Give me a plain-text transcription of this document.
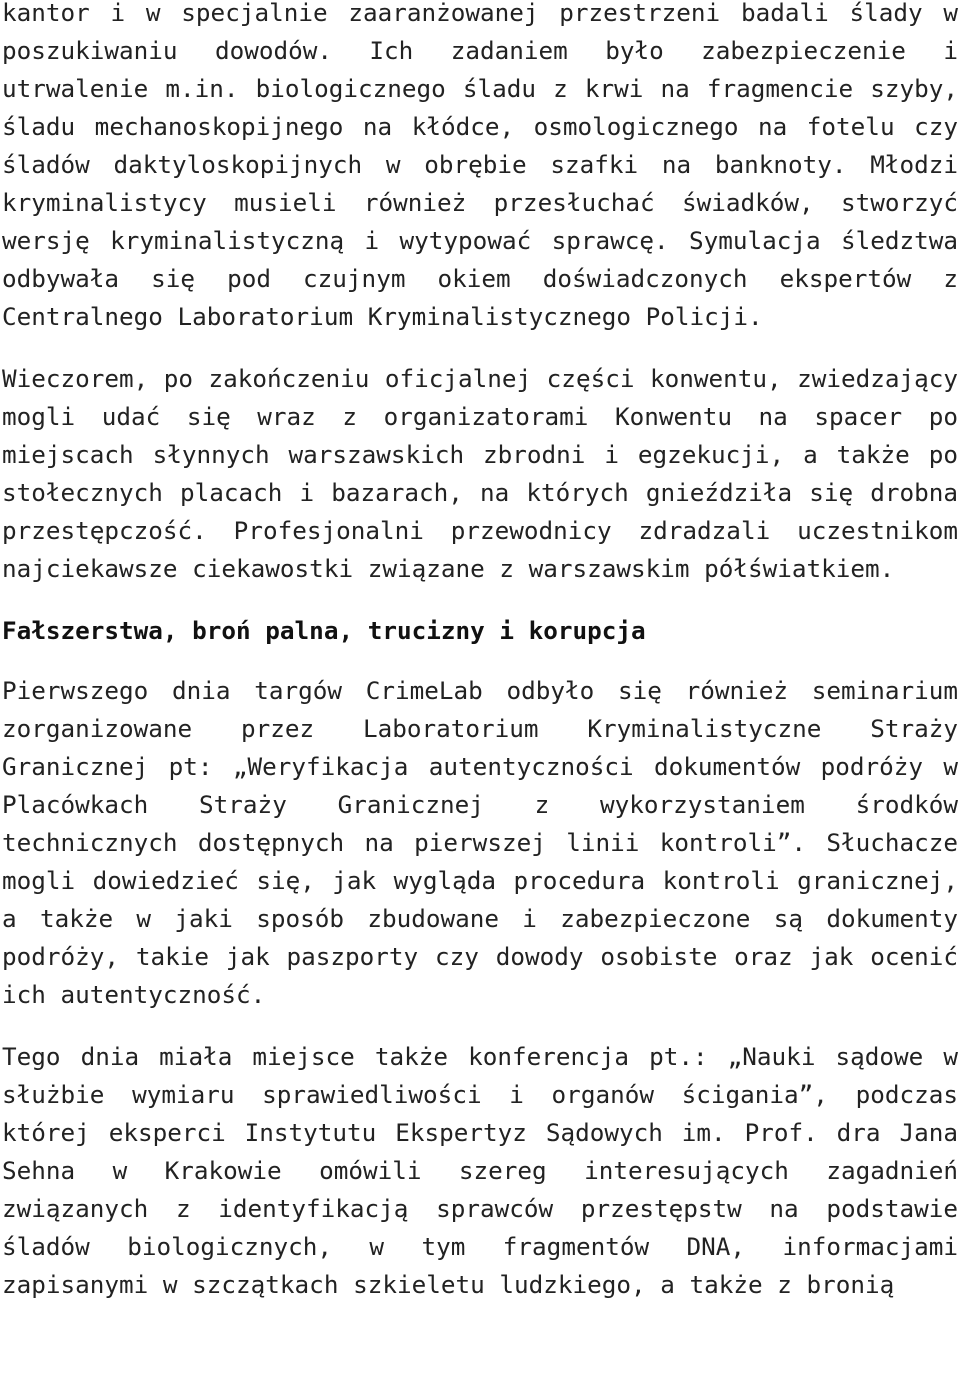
kantor i w specjalnie zaaranżowanej przestrzeni badali ślady w poszukiwaniu dowodów. Ich zadaniem było zabezpieczenie i utrwalenie m.in. biologicznego śladu z krwi na fragmencie szyby, śladu mechanoskopijnego na kłódce, osmologicznego na fotelu czy śladów daktyloskopijnych w obrębie szafki na banknoty. Młodzi kryminalistycy musieli również przesłuchać świadków, stworzyć wersję kryminalistyczną i wytypować sprawcę. Symulacja śledztwa odbywała się pod czujnym okiem doświadczonych ekspertów z Centralnego Laboratorium Kryminalistycznego Policji.

Wieczorem, po zakończeniu oficjalnej części konwentu, zwiedzający mogli udać się wraz z organizatorami Konwentu na spacer po miejscach słynnych warszawskich zbrodni i egzekucji, a także po stołecznych placach i bazarach, na których gnieździła się drobna przestępczość. Profesjonalni przewodnicy zdradzali uczestnikom najciekawsze ciekawostki związane z warszawskim półświatkiem.

Fałszerstwa, broń palna, trucizny i korupcja

Pierwszego dnia targów CrimeLab odbyło się również seminarium zorganizowane przez Laboratorium Kryminalistyczne Straży Granicznej pt: „Weryfikacja autentyczności dokumentów podróży w Placówkach Straży Granicznej z wykorzystaniem środków technicznych dostępnych na pierwszej linii kontroli”. Słuchacze mogli dowiedzieć się, jak wygląda procedura kontroli granicznej, a także w jaki sposób zbudowane i zabezpieczone są dokumenty podróży, takie jak paszporty czy dowody osobiste oraz jak ocenić ich autentyczność.

Tego dnia miała miejsce także konferencja pt.: „Nauki sądowe w służbie wymiaru sprawiedliwości i organów ścigania”, podczas której eksperci Instytutu Ekspertyz Sądowych im. Prof. dra Jana Sehna w Krakowie omówili szereg interesujących zagadnień związanych z identyfikacją sprawców przestępstw na podstawie śladów biologicznych, w tym fragmentów DNA, informacjami zapisanymi w szczątkach szkieletu ludzkiego, a także z bronią
